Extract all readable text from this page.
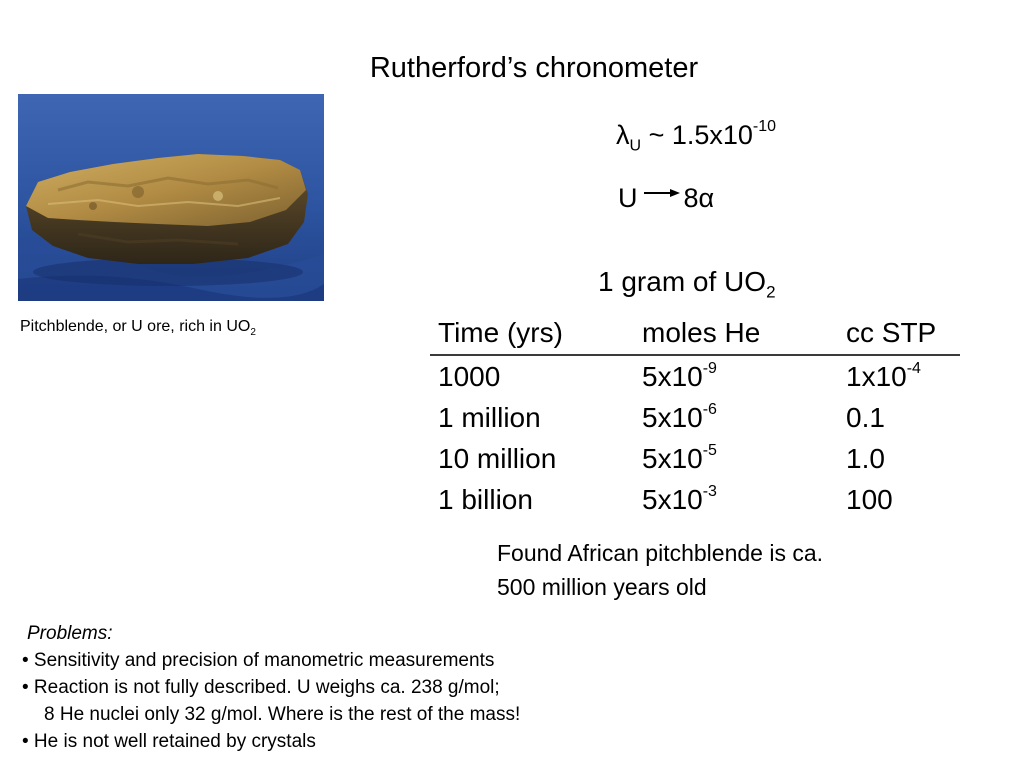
Rutherford’s chronometer
Pitchblende, or U ore, rich in $UO_2$
$\lambda_U$ ~ $1.5x10^{-10}$
U 8α
1 gram of $UO_2$
Time (yrs)	moles He	cc STP
1000	$5x10^{-9}$	$1x10^{-4}$
1 million	$5x10^{-6}$	0.1
10 million	$5x10^{-5}$	1.0
1 billion	$5x10^{-3}$	100
Found African pitchblende is ca.
500 million years old
Problems:
• Sensitivity and precision of manometric measurements
• Reaction is not fully described. U weighs ca. 238 g/mol;
8 He nuclei only 32 g/mol. Where is the rest of the mass!
• He is not well retained by crystals
